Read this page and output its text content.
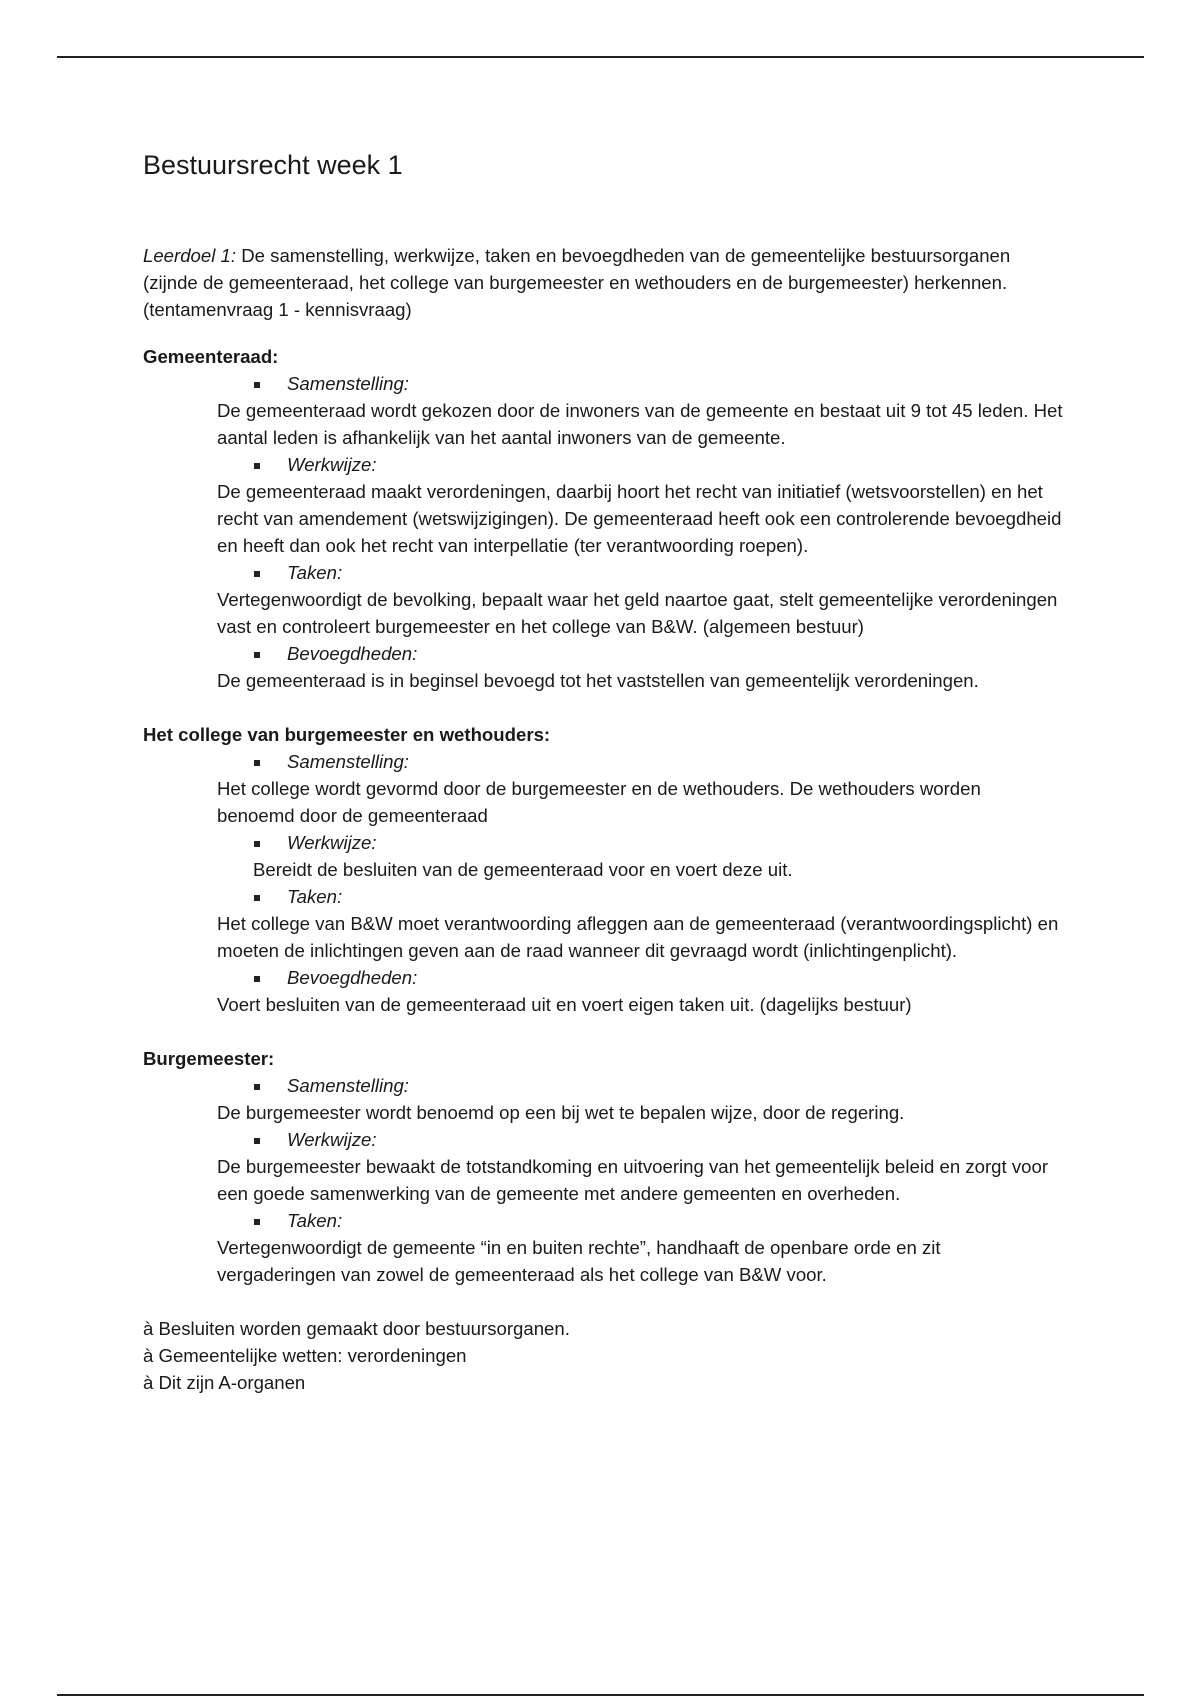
Bestuursrecht week 1
Leerdoel 1: De samenstelling, werkwijze, taken en bevoegdheden van de gemeentelijke bestuursorganen (zijnde de gemeenteraad, het college van burgemeester en wethouders en de burgemeester) herkennen. (tentamenvraag 1 - kennisvraag)
Gemeenteraad:
Samenstelling:
De gemeenteraad wordt gekozen door de inwoners van de gemeente en bestaat uit 9 tot 45 leden. Het aantal leden is afhankelijk van het aantal inwoners van de gemeente.
Werkwijze:
De gemeenteraad maakt verordeningen, daarbij hoort het recht van initiatief (wetsvoorstellen) en het recht van amendement (wetswijzigingen). De gemeenteraad heeft ook een controlerende bevoegdheid en heeft dan ook het recht van interpellatie (ter verantwoording roepen).
Taken:
Vertegenwoordigt de bevolking, bepaalt waar het geld naartoe gaat, stelt gemeentelijke verordeningen vast en controleert burgemeester en het college van B&W. (algemeen bestuur)
Bevoegdheden:
De gemeenteraad is in beginsel bevoegd tot het vaststellen van gemeentelijk verordeningen.
Het college van burgemeester en wethouders:
Samenstelling:
Het college wordt gevormd door de burgemeester en de wethouders. De wethouders worden benoemd door de gemeenteraad
Werkwijze:
Bereidt de besluiten van de gemeenteraad voor en voert deze uit.
Taken:
Het college van B&W moet verantwoording afleggen aan de gemeenteraad (verantwoordingsplicht) en moeten de inlichtingen geven aan de raad wanneer dit gevraagd wordt (inlichtingenplicht).
Bevoegdheden:
Voert besluiten van de gemeenteraad uit en voert eigen taken uit. (dagelijks bestuur)
Burgemeester:
Samenstelling:
De burgemeester wordt benoemd op een bij wet te bepalen wijze, door de regering.
Werkwijze:
De burgemeester bewaakt de totstandkoming en uitvoering van het gemeentelijk beleid en zorgt voor een goede samenwerking van de gemeente met andere gemeenten en overheden.
Taken:
Vertegenwoordigt de gemeente “in en buiten rechte”, handhaaft de openbare orde en zit vergaderingen van zowel de gemeenteraad als het college van B&W voor.
à Besluiten worden gemaakt door bestuursorganen.
à Gemeentelijke wetten: verordeningen
à Dit zijn A-organen
